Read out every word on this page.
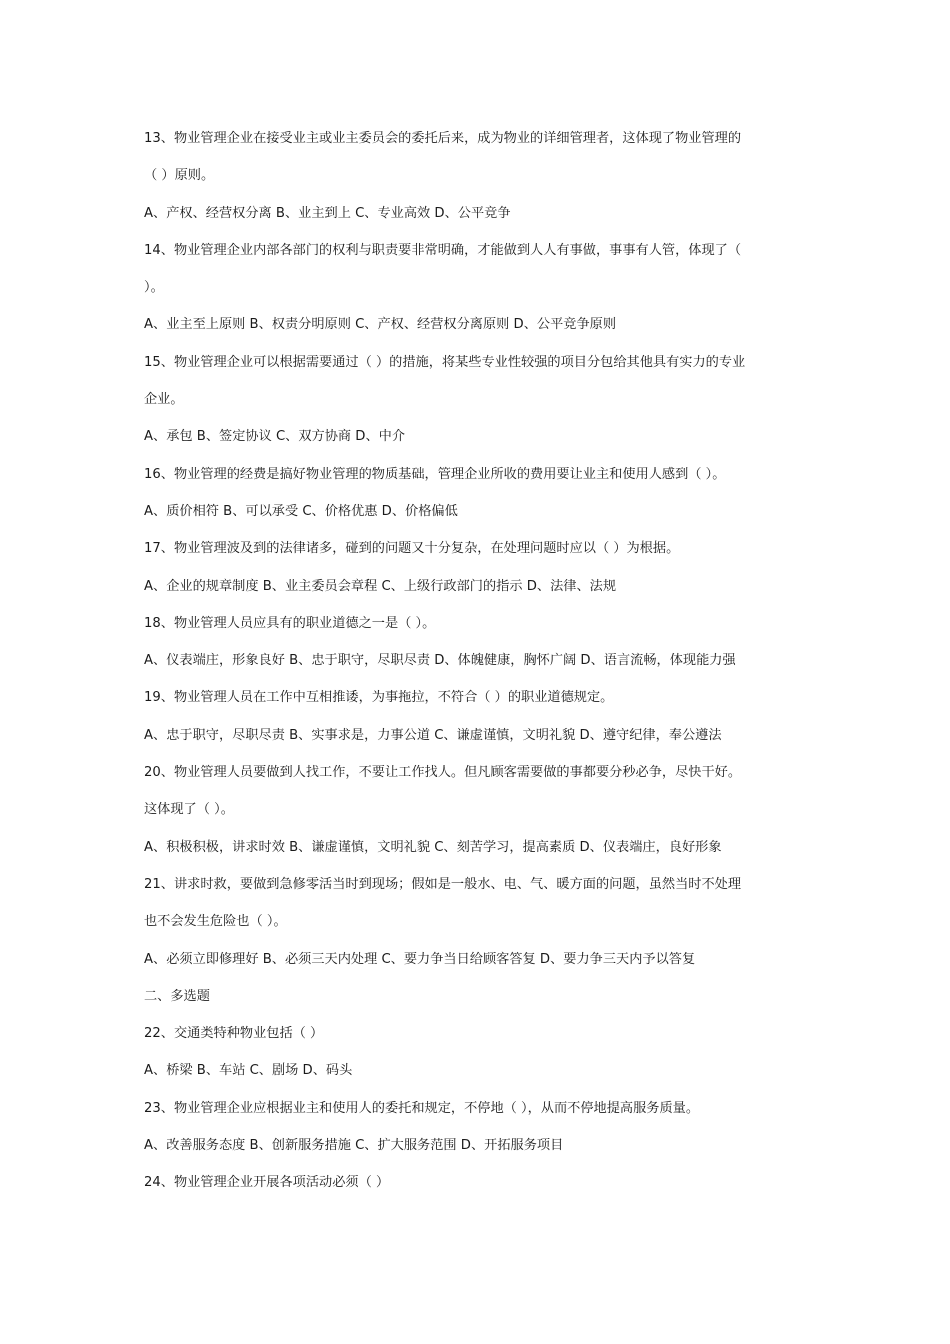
13、物业管理企业在接受业主或业主委员会的委托后来，成为物业的详细管理者，这体现了物业管理的
（ ）原则。
A、产权、经营权分离 B、业主到上 C、专业高效 D、公平竞争
14、物业管理企业内部各部门的权利与职责要非常明确，才能做到人人有事做，事事有人管，体现了（
）。
A、业主至上原则 B、权责分明原则 C、产权、经营权分离原则 D、公平竞争原则
15、物业管理企业可以根据需要通过（ ）的措施，将某些专业性较强的项目分包给其他具有实力的专业
企业。
A、承包 B、签定协议 C、双方协商 D、中介
16、物业管理的经费是搞好物业管理的物质基础，管理企业所收的费用要让业主和使用人感到（ ）。
A、质价相符 B、可以承受 C、价格优惠 D、价格偏低
17、物业管理波及到的法律诸多，碰到的问题又十分复杂，在处理问题时应以（ ）为根据。
A、企业的规章制度 B、业主委员会章程 C、上级行政部门的指示 D、法律、法规
18、物业管理人员应具有的职业道德之一是（ ）。
A、仪表端庄，形象良好 B、忠于职守，尽职尽责 D、体魄健康，胸怀广阔 D、语言流畅，体现能力强
19、物业管理人员在工作中互相推诿，为事拖拉，不符合（ ）的职业道德规定。
A、忠于职守，尽职尽责 B、实事求是，力事公道 C、谦虚谨慎，文明礼貌 D、遵守纪律，奉公遵法
20、物业管理人员要做到人找工作，不要让工作找人。但凡顾客需要做的事都要分秒必争，尽快干好。
这体现了（ ）。
A、积极积极，讲求时效 B、谦虚谨慎，文明礼貌 C、刻苦学习，提高素质 D、仪表端庄，良好形象
21、讲求时救，要做到急修零活当时到现场；假如是一般水、电、气、暖方面的问题，虽然当时不处理
也不会发生危险也（ ）。
A、必须立即修理好 B、必须三天内处理 C、要力争当日给顾客答复 D、要力争三天内予以答复
二、多选题
22、交通类特种物业包括（ ）
A、桥梁 B、车站 C、剧场 D、码头
23、物业管理企业应根据业主和使用人的委托和规定，不停地（ ），从而不停地提高服务质量。
A、改善服务态度 B、创新服务措施 C、扩大服务范围 D、开拓服务项目
24、物业管理企业开展各项活动必须（ ）
